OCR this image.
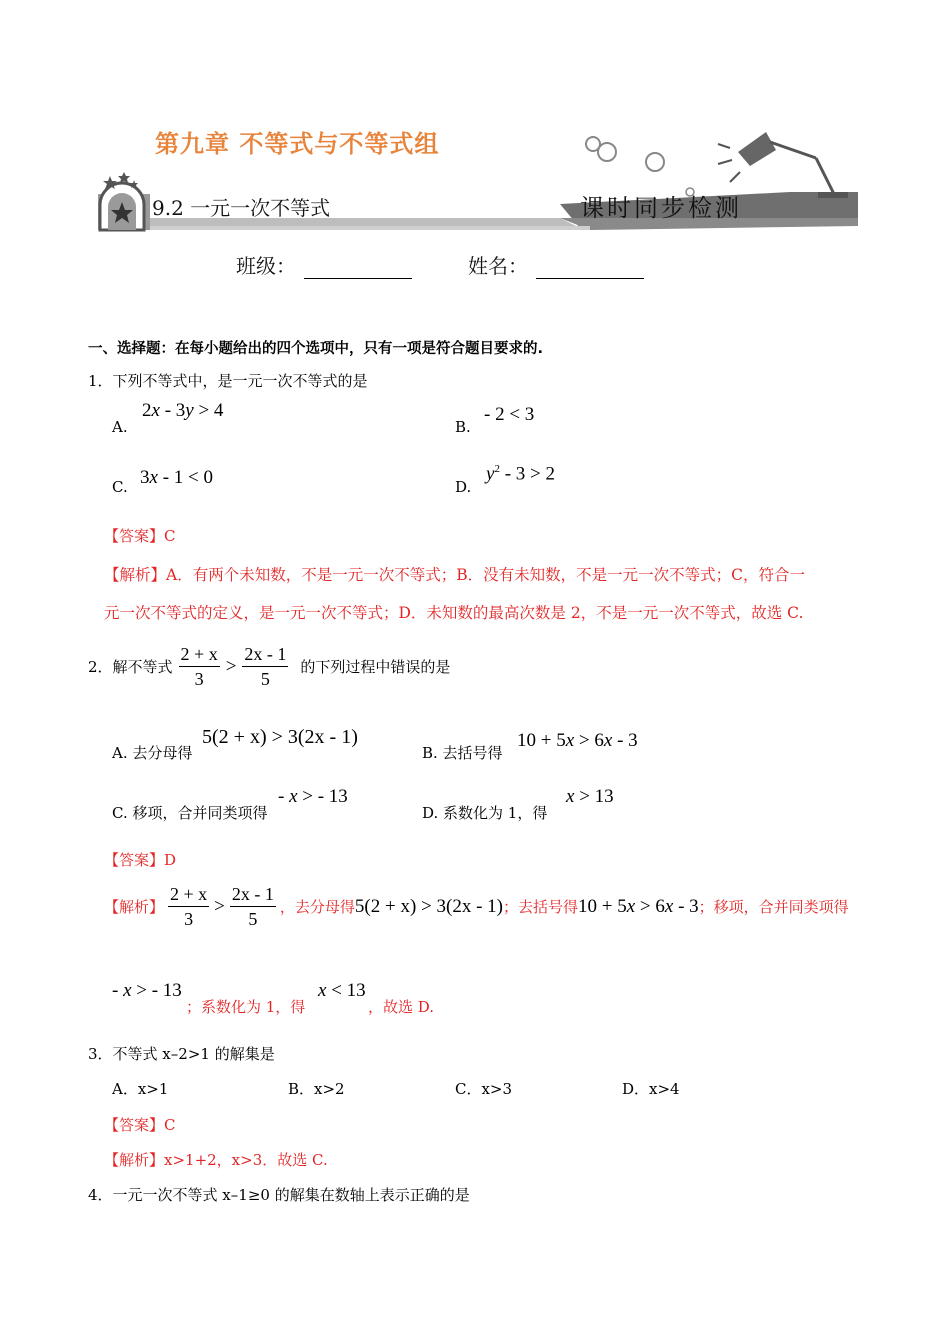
第九章 不等式与不等式组
9.2 一元一次不等式	课时同步检测
班级：	姓名：
一、选择题：在每小题给出的四个选项中，只有一项是符合题目要求的.
1．下列不等式中，是一元一次不等式的是
A.
2x - 3y > 4
B.
- 2 < 3
C. 3x - 1 < 0	D.
$y^2 - 3 > 2$
【答案】C
【解析】A．有两个未知数，不是一元一次不等式；B．没有未知数，不是一元一次不等式；C，符合一
元一次不等式的定义，是一元一次不等式；D．未知数的最高次数是 2，不是一元一次不等式，故选 C.
2．解不等式 $\frac{2 + x}{3} > \frac{2x - 1}{5}$ 的下列过程中错误的是
A. 去分母得
5(2 + x) > 3(2x - 1)
B. 去括号得
10 + 5x > 6x - 3
C. 移项，合并同类项得
- x > - 13
D. 系数化为 1，得
x > 13
【答案】D
【解析】 $\frac{2 + x}{3} > \frac{2x - 1}{5}$ ，去分母得 5(2 + x) > 3(2x - 1) ；去括号得 10 + 5x > 6x - 3 ；移项，合并同类项得
- x > - 13
；系数化为 1，得
x < 13
，故选 D.
3．不等式 x–2>1 的解集是
A．x>1	B．x>2	C．x>3	D．x>4
【答案】C
【解析】x>1+2，x>3．故选 C.
4．一元一次不等式 x–1≥0 的解集在数轴上表示正确的是
